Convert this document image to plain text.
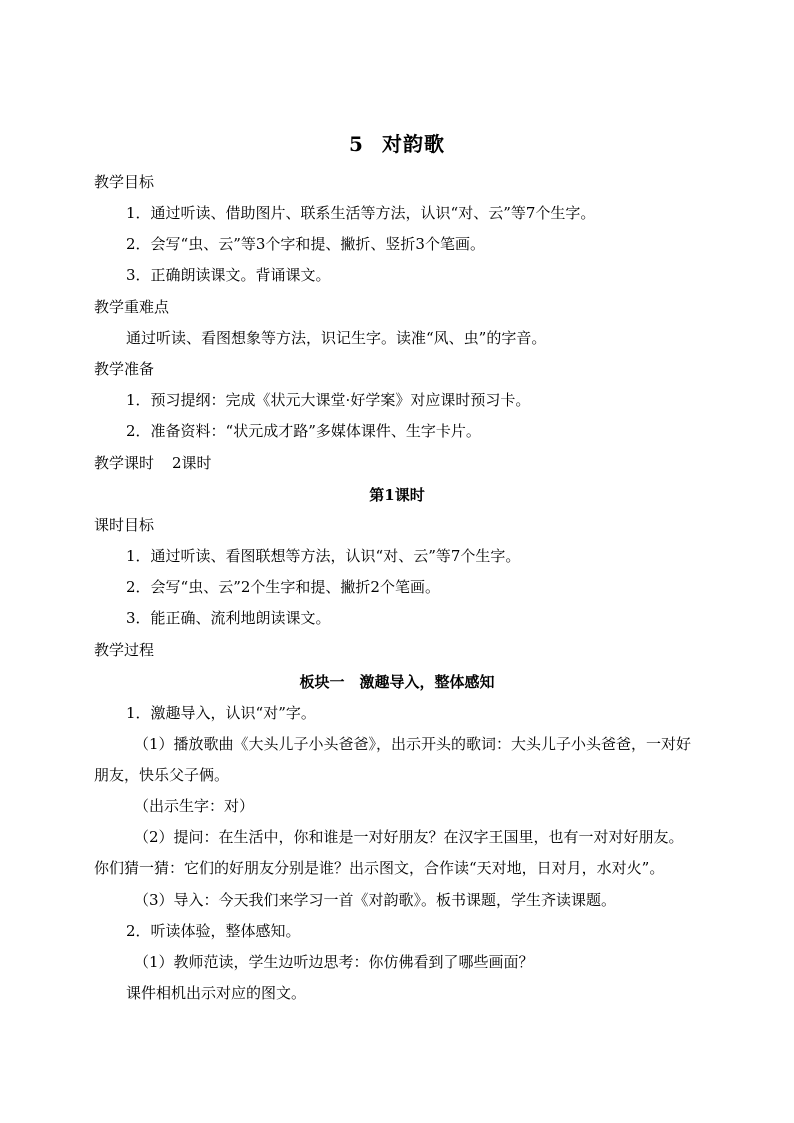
5 对韵歌
教学目标
1．通过听读、借助图片、联系生活等方法，认识“对、云”等7个生字。
2．会写“虫、云”等3个字和提、撇折、竖折3个笔画。
3．正确朗读课文。背诵课文。
教学重难点
通过听读、看图想象等方法，识记生字。读准“风、虫”的字音。
教学准备
1．预习提纲：完成《状元大课堂·好学案》对应课时预习卡。
2．准备资料：“状元成才路”多媒体课件、生字卡片。
教学课时 2课时
第1课时
课时目标
1．通过听读、看图联想等方法，认识“对、云”等7个生字。
2．会写“虫、云”2个生字和提、撇折2个笔画。
3．能正确、流利地朗读课文。
教学过程
板块一　激趣导入，整体感知
1．激趣导入，认识“对”字。
（1）播放歌曲《大头儿子小头爸爸》，出示开头的歌词：大头儿子小头爸爸，一对好
朋友，快乐父子俩。
（出示生字：对）
（2）提问：在生活中，你和谁是一对好朋友？在汉字王国里，也有一对对好朋友。
你们猜一猜：它们的好朋友分别是谁？出示图文，合作读“天对地，日对月，水对火”。
（3）导入：今天我们来学习一首《对韵歌》。板书课题，学生齐读课题。
2．听读体验，整体感知。
（1）教师范读，学生边听边思考：你仿佛看到了哪些画面？
课件相机出示对应的图文。
